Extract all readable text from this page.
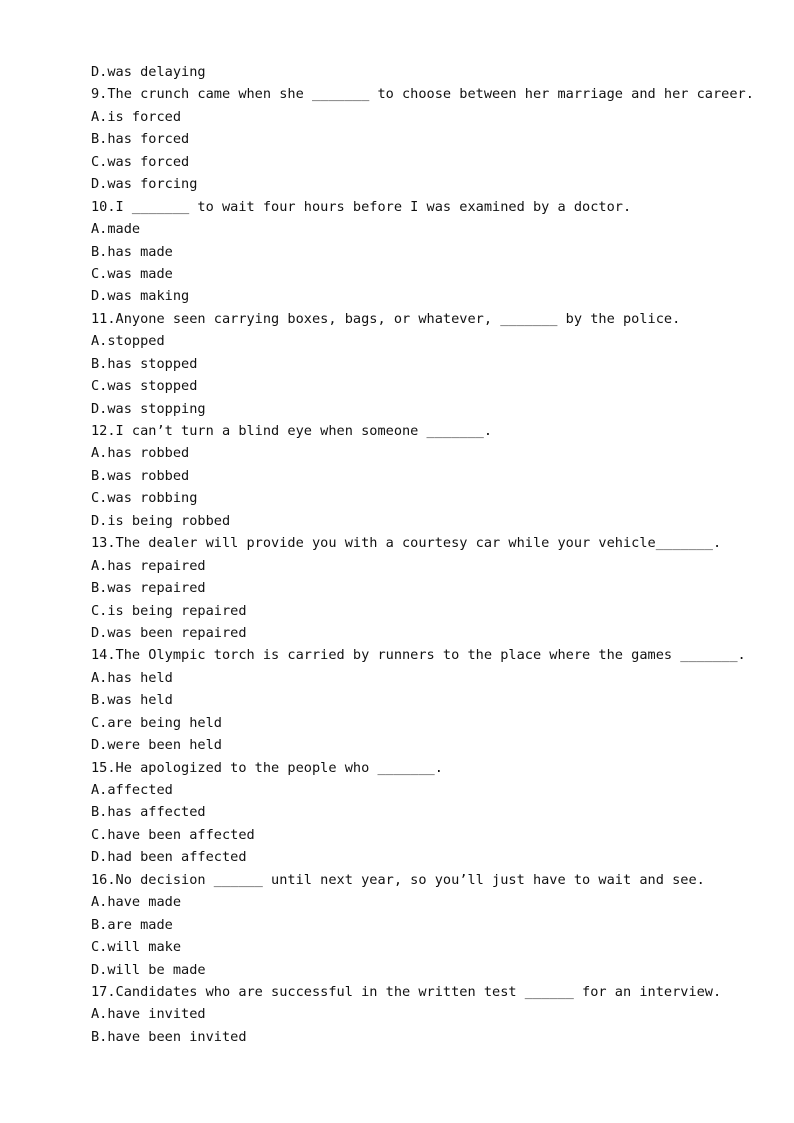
D.was delaying
9.The crunch came when she _______ to choose between her marriage and her career.
A.is forced
B.has forced
C.was forced
D.was forcing
10.I _______ to wait four hours before I was examined by a doctor.
A.made
B.has made
C.was made
D.was making
11.Anyone seen carrying boxes, bags, or whatever, _______ by the police.
A.stopped
B.has stopped
C.was stopped
D.was stopping
12.I can’t turn a blind eye when someone _______.
A.has robbed
B.was robbed
C.was robbing
D.is being robbed
13.The dealer will provide you with a courtesy car while your vehicle_______.
A.has repaired
B.was repaired
C.is being repaired
D.was been repaired
14.The Olympic torch is carried by runners to the place where the games _______.
A.has held
B.was held
C.are being held
D.were been held
15.He apologized to the people who _______.
A.affected
B.has affected
C.have been affected
D.had been affected
16.No decision ______ until next year, so you’ll just have to wait and see.
A.have made
B.are made
C.will make
D.will be made
17.Candidates who are successful in the written test ______ for an interview.
A.have invited
B.have been invited
